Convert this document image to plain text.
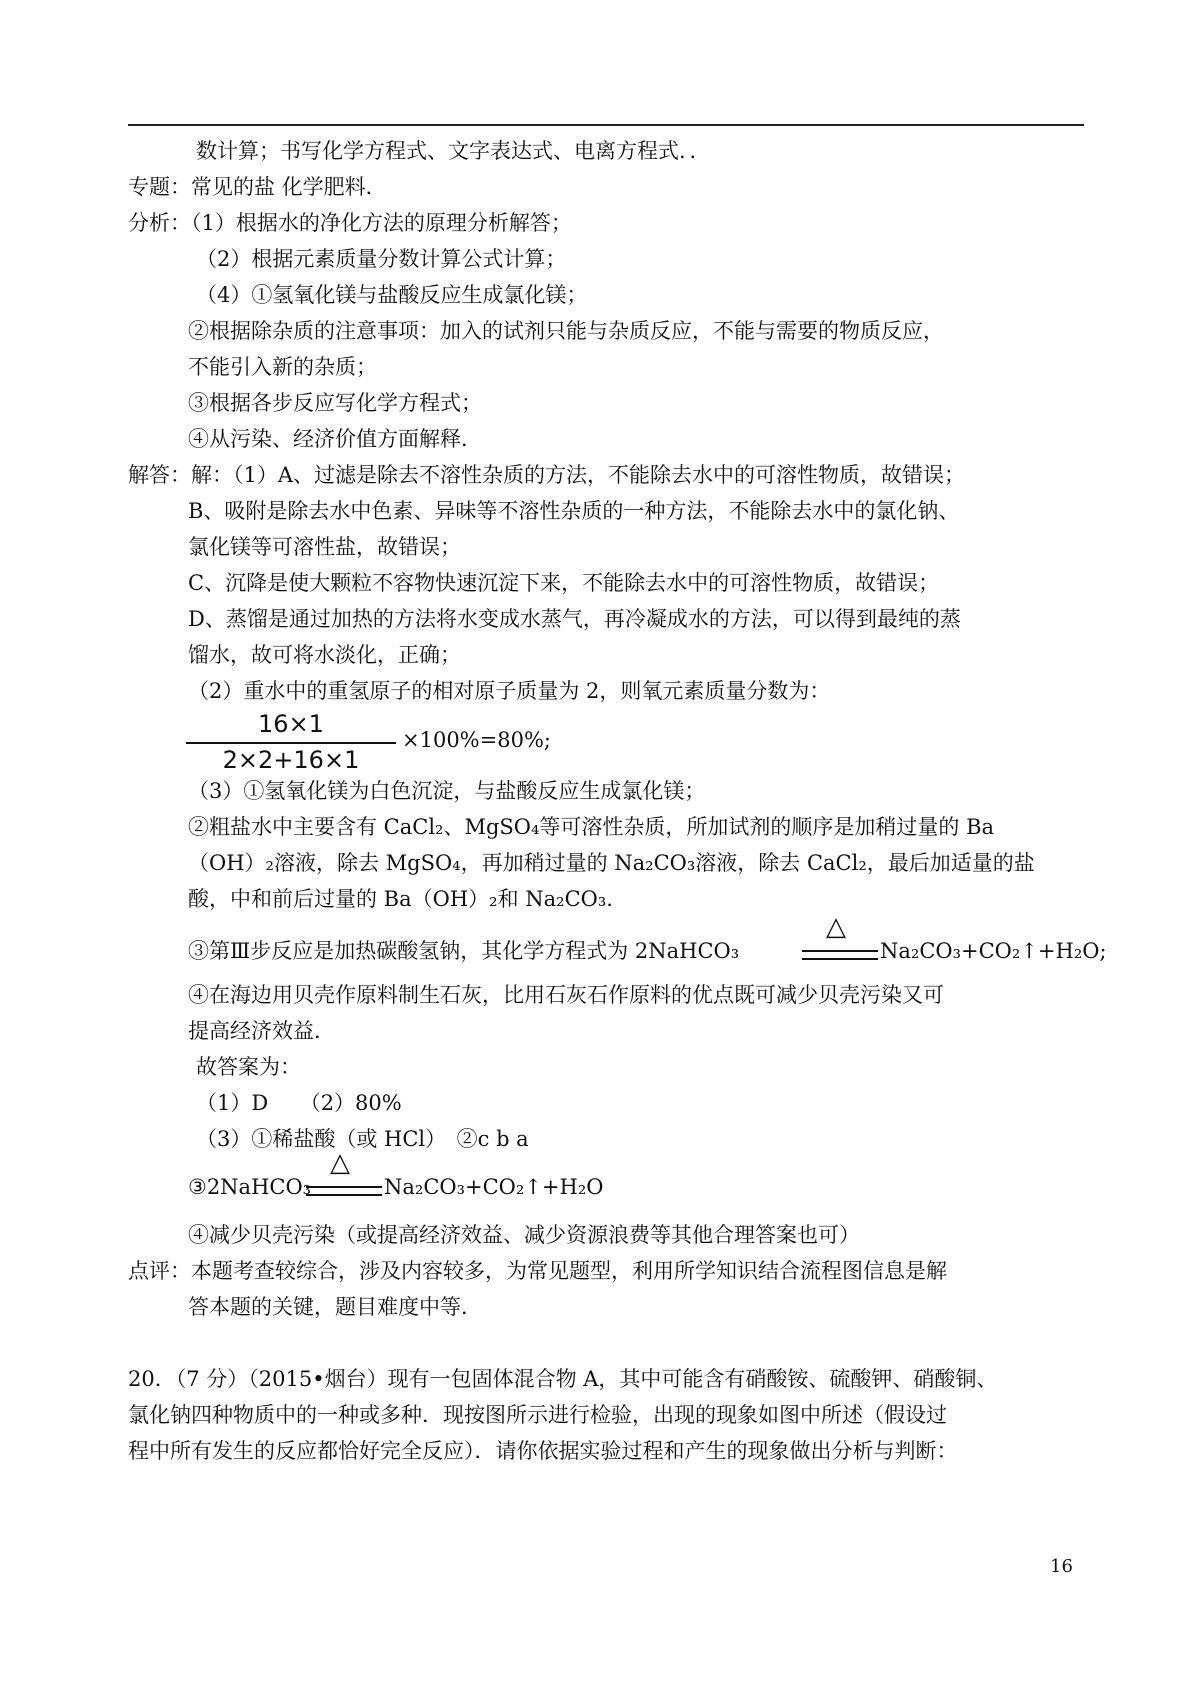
数计算；书写化学方程式、文字表达式、电离方程式．．
专题：常见的盐 化学肥料．
分析：（1）根据水的净化方法的原理分析解答；
（2）根据元素质量分数计算公式计算；
（4）①氢氧化镁与盐酸反应生成氯化镁；
②根据除杂质的注意事项：加入的试剂只能与杂质反应，不能与需要的物质反应，
不能引入新的杂质；
③根据各步反应写化学方程式；
④从污染、经济价值方面解释．
解答：解：（1）A、过滤是除去不溶性杂质的方法，不能除去水中的可溶性物质，故错误；
B、吸附是除去水中色素、异味等不溶性杂质的一种方法，不能除去水中的氯化钠、
氯化镁等可溶性盐，故错误；
C、沉降是使大颗粒不容物快速沉淀下来，不能除去水中的可溶性物质，故错误；
D、蒸馏是通过加热的方法将水变成水蒸气，再冷凝成水的方法，可以得到最纯的蒸
馏水，故可将水淡化，正确；
（2）重水中的重氢原子的相对原子质量为 2，则氧元素质量分数为：
（3）①氢氧化镁为白色沉淀，与盐酸反应生成氯化镁；
②粗盐水中主要含有 CaCl₂、MgSO₄等可溶性杂质，所加试剂的顺序是加稍过量的 Ba
（OH）₂溶液，除去 MgSO₄，再加稍过量的 Na₂CO₃溶液，除去 CaCl₂，最后加适量的盐
酸，中和前后过量的 Ba（OH）₂和 Na₂CO₃.
④在海边用贝壳作原料制生石灰，比用石灰石作原料的优点既可减少贝壳污染又可
提高经济效益．
故答案为：
（1）D　　（2）80%
（3）①稀盐酸（或 HCl）　②c b a
④减少贝壳污染（或提高经济效益、减少资源浪费等其他合理答案也可）
点评：本题考查较综合，涉及内容较多，为常见题型，利用所学知识结合流程图信息是解
答本题的关键，题目难度中等．
20．（7 分）（2015•烟台）现有一包固体混合物 A，其中可能含有硝酸铵、硫酸钾、硝酸铜、
氯化钠四种物质中的一种或多种．现按图所示进行检验，出现的现象如图中所述（假设过
程中所有发生的反应都恰好完全反应）．请你依据实验过程和产生的现象做出分析与判断：
16×1
2×2+16×1
×100%=80%;
③第Ⅲ步反应是加热碳酸氢钠，其化学方程式为 2NaHCO₃
△
Na₂CO₃+CO₂↑+H₂O;
③2NaHCO₃
△
Na₂CO₃+CO₂↑+H₂O
16
